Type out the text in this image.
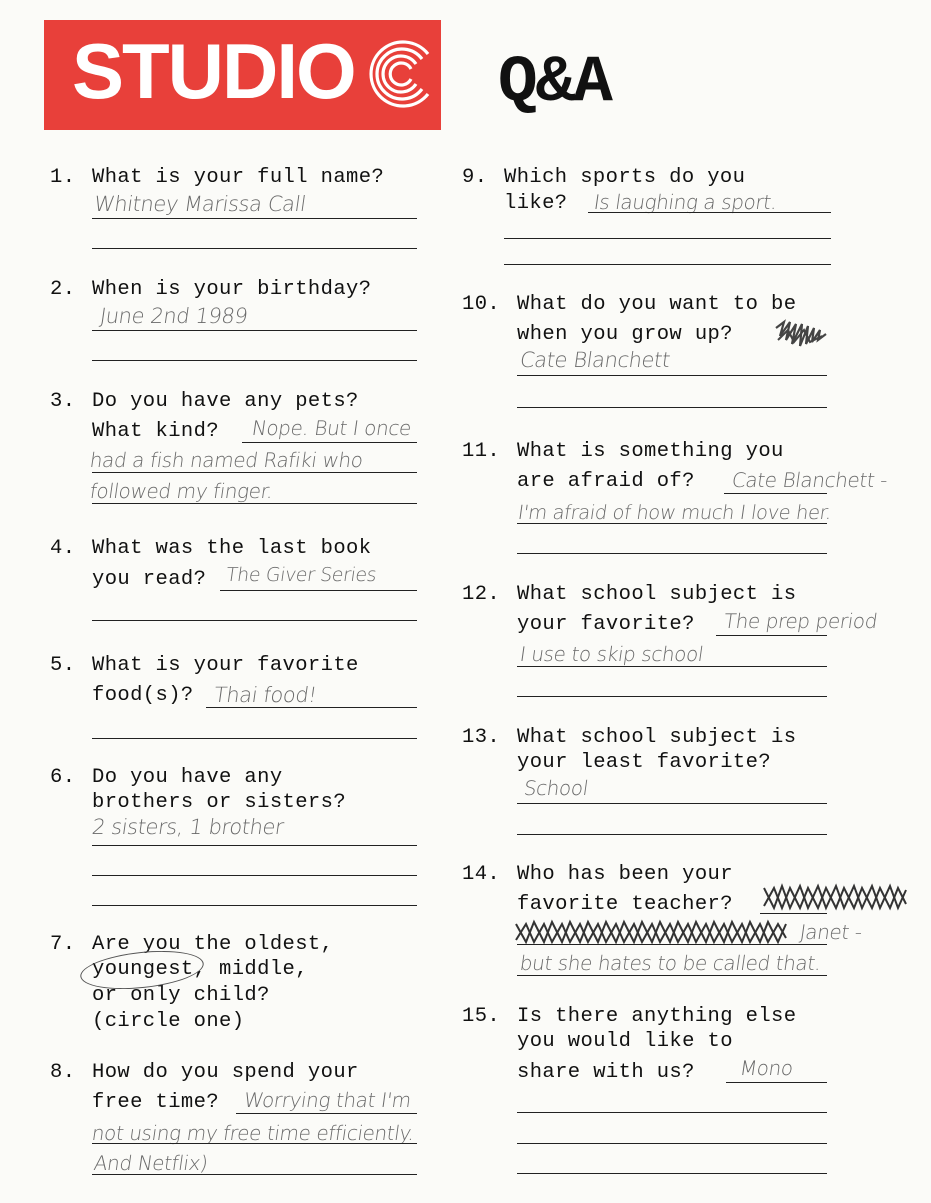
STUDIO Q&A
1. What is your full name?
Whitney Marissa Call
2. When is your birthday?
June 2nd 1989
3. Do you have any pets?
What kind? Nope. But I once
had a fish named Rafiki who
followed my finger.
4. What was the last book
you read? The Giver Series
5. What is your favorite
food(s)? Thai food!
6. Do you have any
brothers or sisters?
2 sisters, 1 brother
7. Are you the oldest,
youngest, middle,
or only child?
(circle one)
8. How do you spend your
free time? Worrying that I'm
not using my free time efficiently.
And Netflix)
9. Which sports do you
like? Is laughing a sport.
10. What do you want to be
when you grow up?
Cate Blanchett
11. What is something you
are afraid of? Cate Blanchett -
I'm afraid of how much I love her.
12. What school subject is
your favorite? The prep period
I use to skip school
13. What school subject is
your least favorite?
School
14. Who has been your
favorite teacher?
Janet -
but she hates to be called that.
15. Is there anything else
you would like to
share with us? Mono
